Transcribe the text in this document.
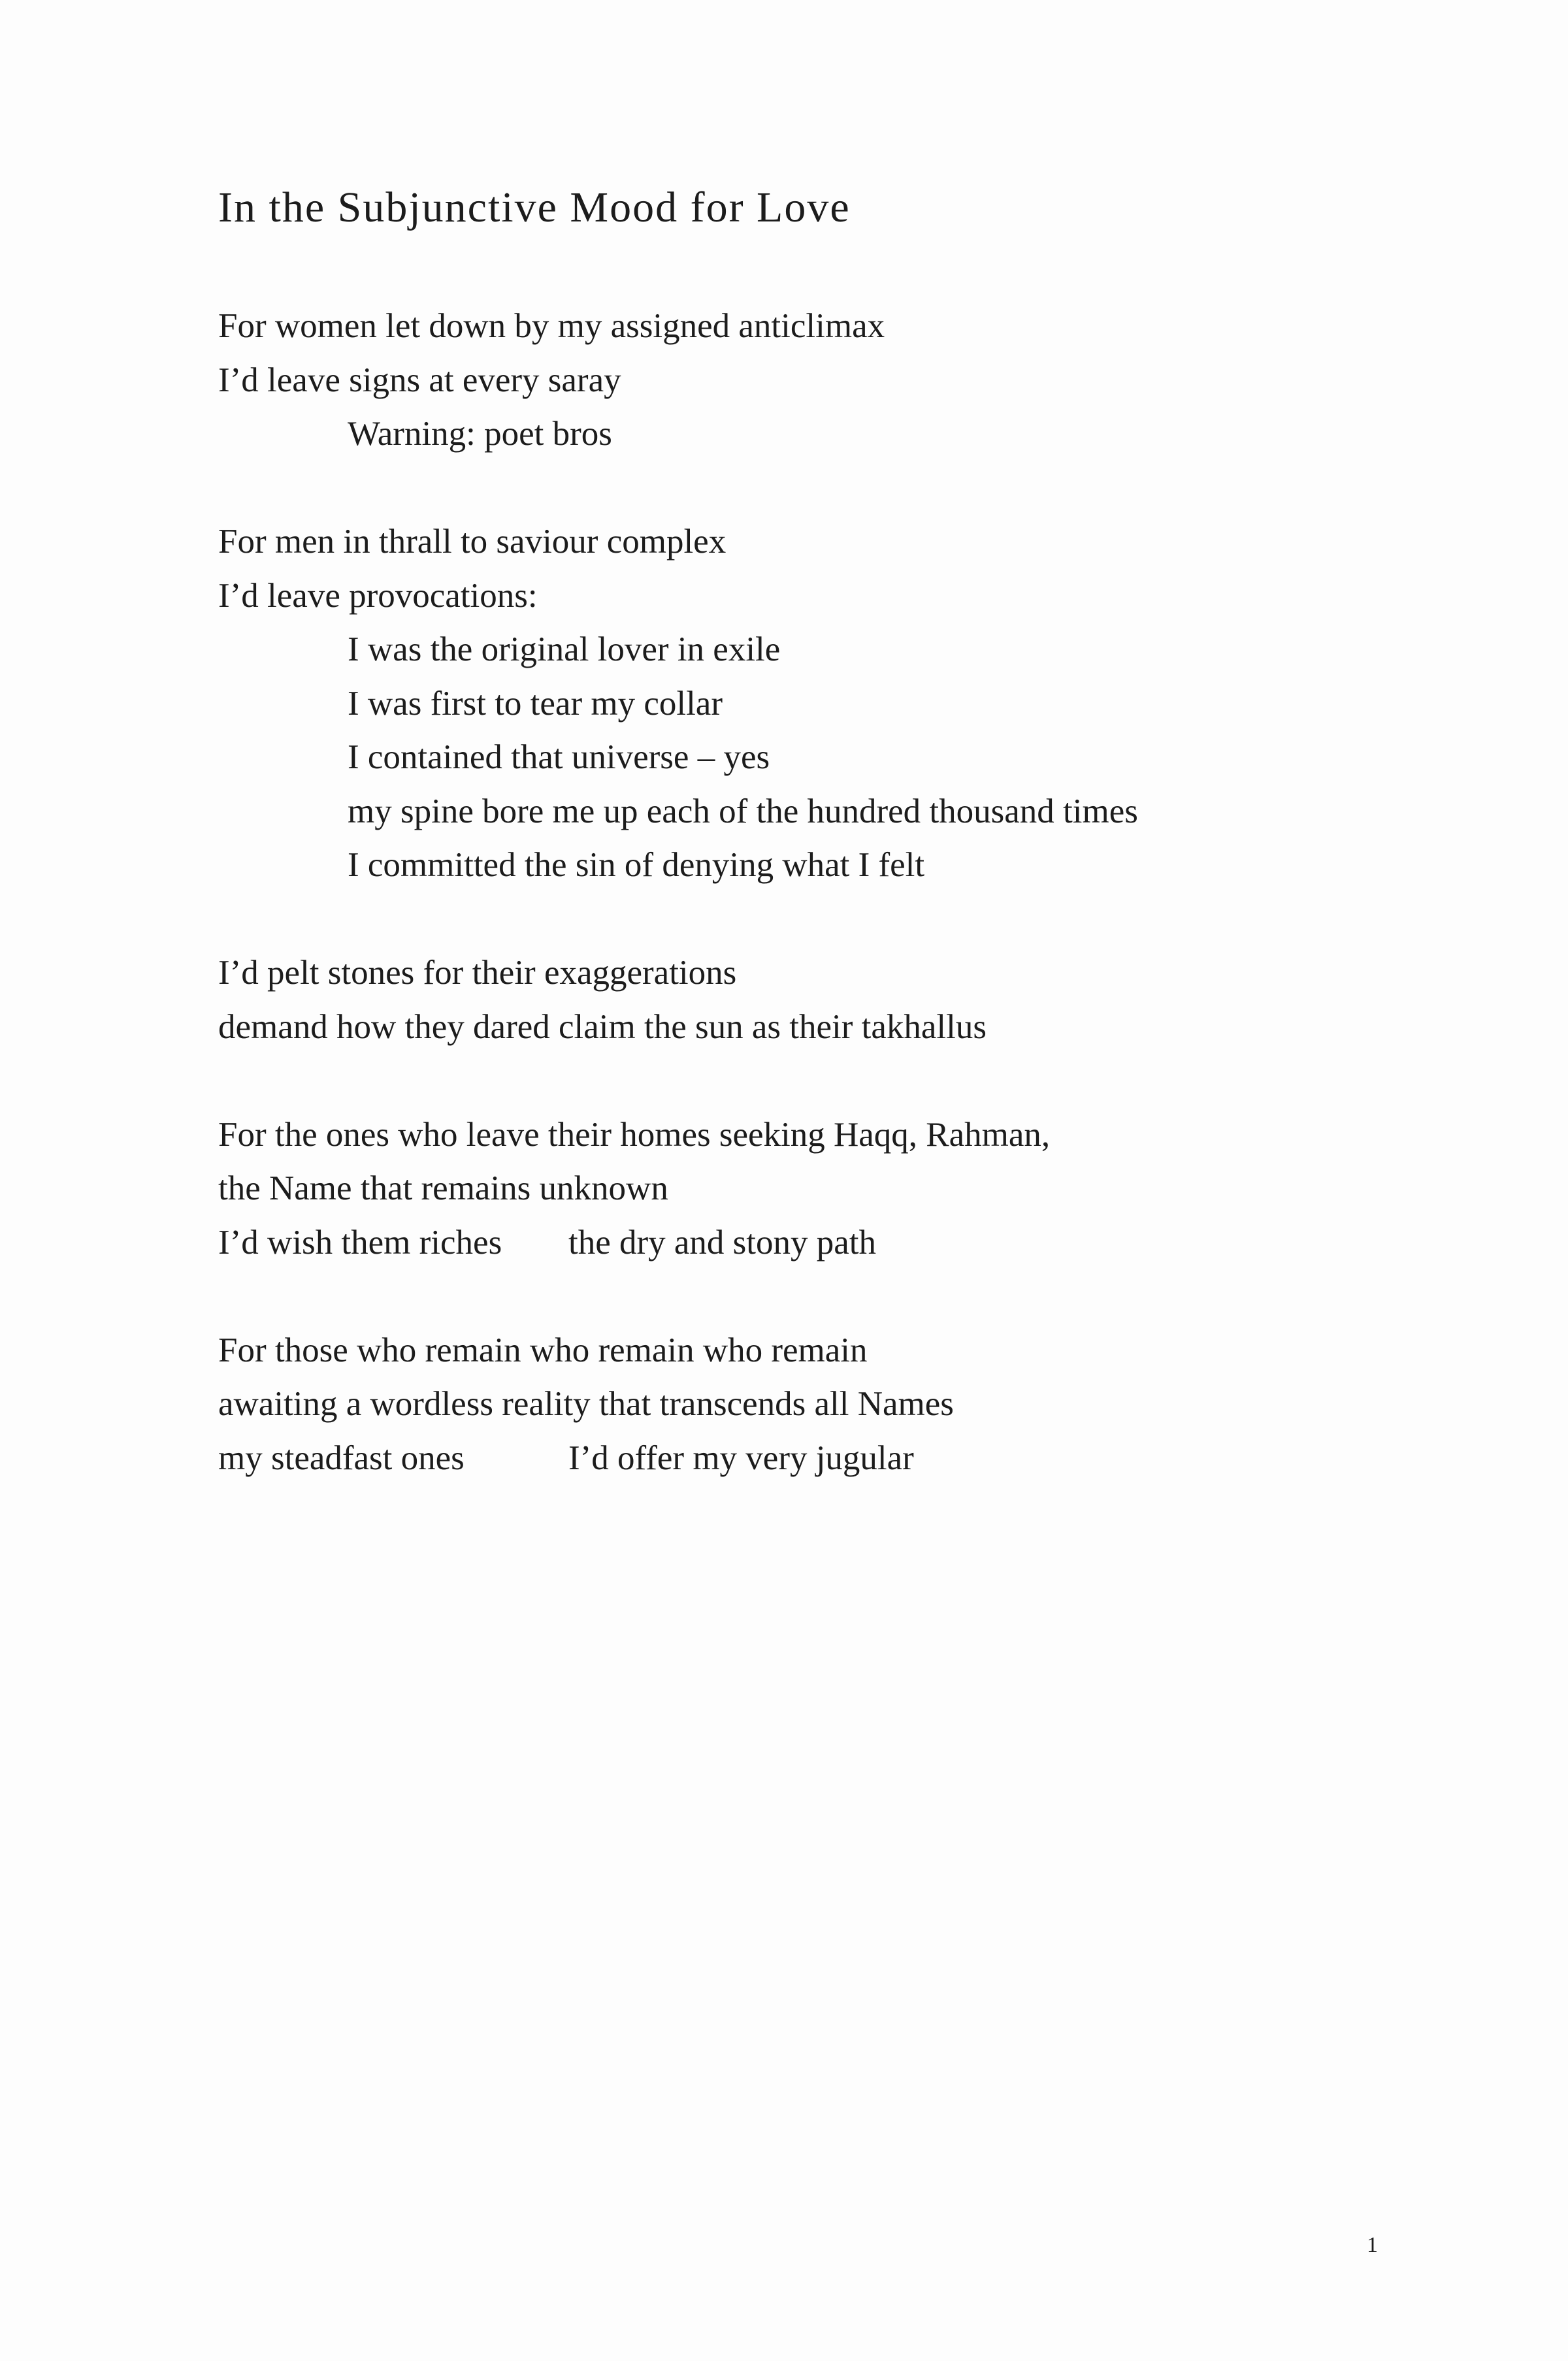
In the Subjunctive Mood for Love
For women let down by my assigned anticlimax
I’d leave signs at every saray
Warning: poet bros
For men in thrall to saviour complex
I’d leave provocations:
I was the original lover in exile
I was first to tear my collar
I contained that universe – yes
my spine bore me up each of the hundred thousand times
I committed the sin of denying what I felt
I’d pelt stones for their exaggerations
demand how they dared claim the sun as their takhallus
For the ones who leave their homes seeking Haqq, Rahman,
the Name that remains unknown
I’d wish them riches the dry and stony path
For those who remain who remain who remain
awaiting a wordless reality that transcends all Names
my steadfast ones	I’d offer my very jugular
1
